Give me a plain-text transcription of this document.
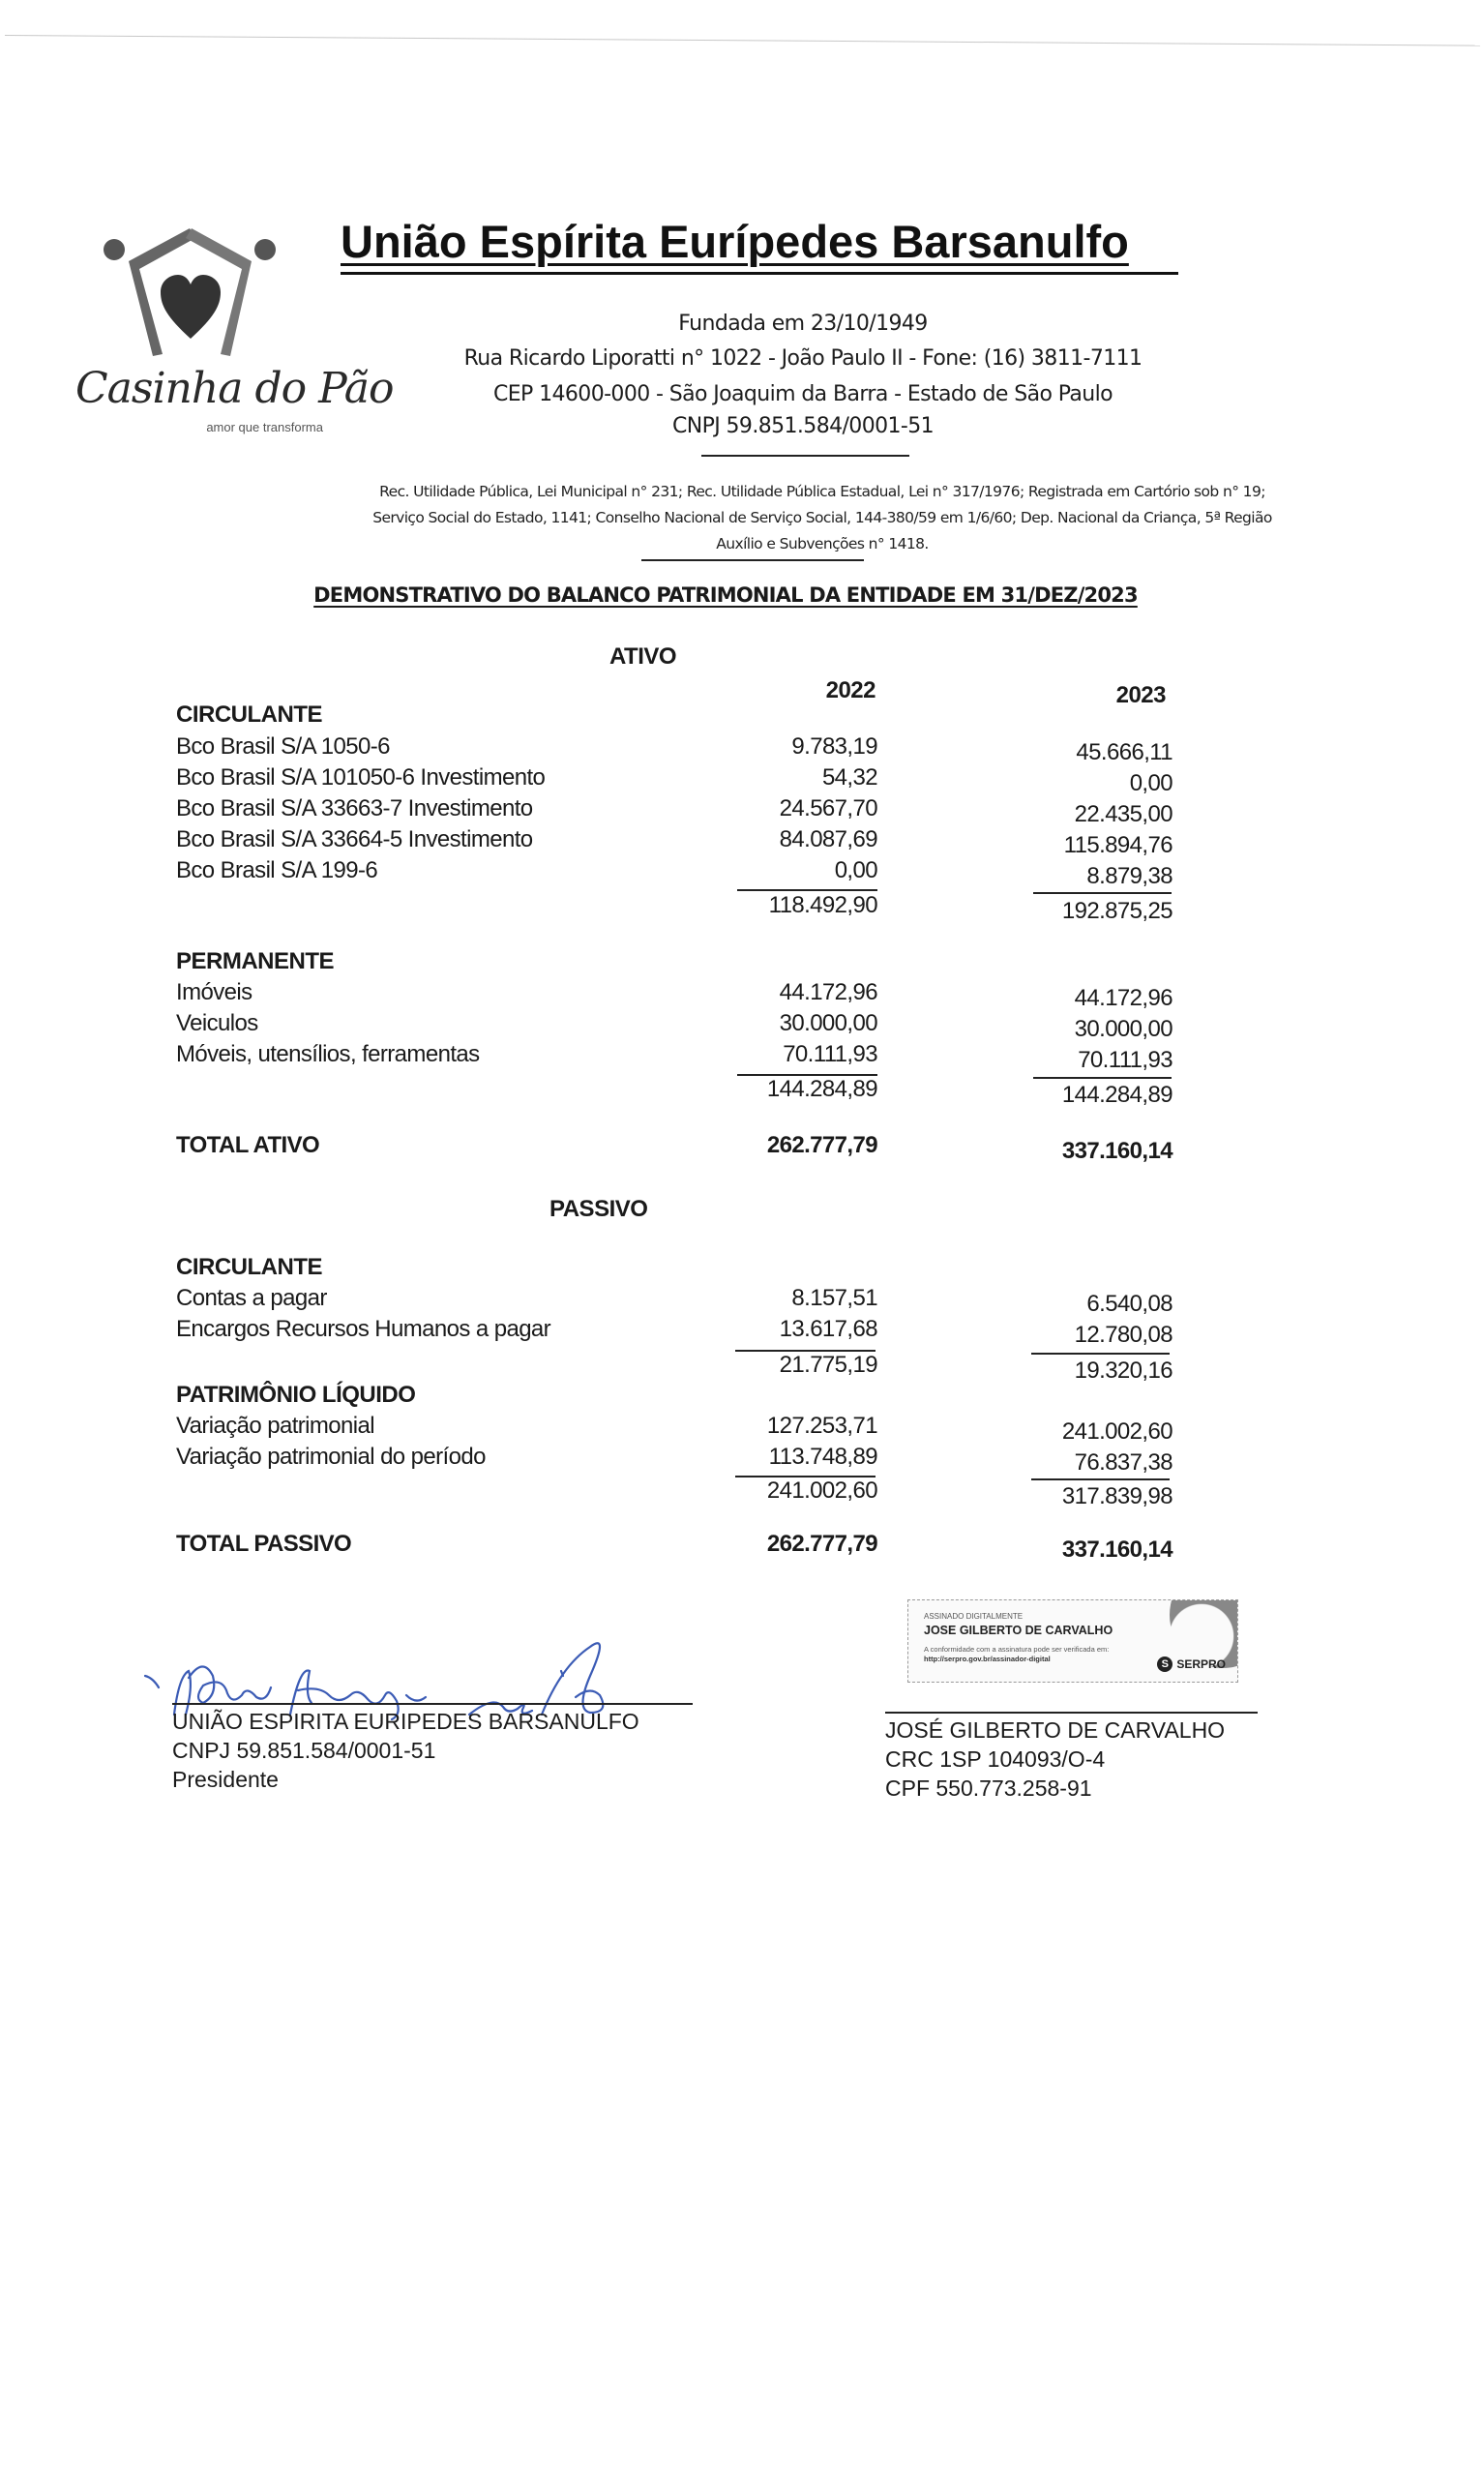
Casinha do Pão
amor que transforma
União Espírita Eurípedes Barsanulfo
Fundada em 23/10/1949
Rua Ricardo Liporatti n° 1022 - João Paulo II - Fone: (16) 3811-7111
CEP 14600-000 - São Joaquim da Barra - Estado de São Paulo
CNPJ 59.851.584/0001-51
Rec. Utilidade Pública, Lei Municipal n° 231; Rec. Utilidade Pública Estadual, Lei n° 317/1976; Registrada em Cartório sob n° 19;
Serviço Social do Estado, 1141; Conselho Nacional de Serviço Social, 144-380/59 em 1/6/60; Dep. Nacional da Criança, 5ª Região
Auxílio e Subvenções n° 1418.
DEMONSTRATIVO DO BALANCO PATRIMONIAL DA ENTIDADE EM 31/DEZ/2023
ATIVO
2022	2023
CIRCULANTE
Bco Brasil S/A 1050-6	9.783,19	45.666,11
Bco Brasil S/A 101050-6 Investimento	54,32	0,00
Bco Brasil S/A 33663-7 Investimento	24.567,70	22.435,00
Bco Brasil S/A 33664-5 Investimento	84.087,69	115.894,76
Bco Brasil S/A 199-6	0,00	8.879,38
118.492,90	192.875,25
PERMANENTE
Imóveis	44.172,96	44.172,96
Veiculos	30.000,00	30.000,00
Móveis, utensílios, ferramentas	70.111,93	70.111,93
144.284,89	144.284,89
TOTAL ATIVO	262.777,79	337.160,14
PASSIVO
CIRCULANTE
Contas a pagar	8.157,51	6.540,08
Encargos Recursos Humanos a pagar	13.617,68	12.780,08
21.775,19	19.320,16
PATRIMÔNIO LÍQUIDO
Variação patrimonial	127.253,71	241.002,60
Variação patrimonial do período	113.748,89	76.837,38
241.002,60	317.839,98
TOTAL PASSIVO	262.777,79	337.160,14
UNIÃO ESPIRITA EURIPEDES BARSANULFO
CNPJ 59.851.584/0001-51
Presidente
ASSINADO DIGITALMENTE
JOSE GILBERTO DE CARVALHO
A conformidade com a assinatura pode ser verificada em:
http://serpro.gov.br/assinador-digital	S SERPRO
JOSÉ GILBERTO DE CARVALHO
CRC 1SP 104093/O-4
CPF 550.773.258-91
